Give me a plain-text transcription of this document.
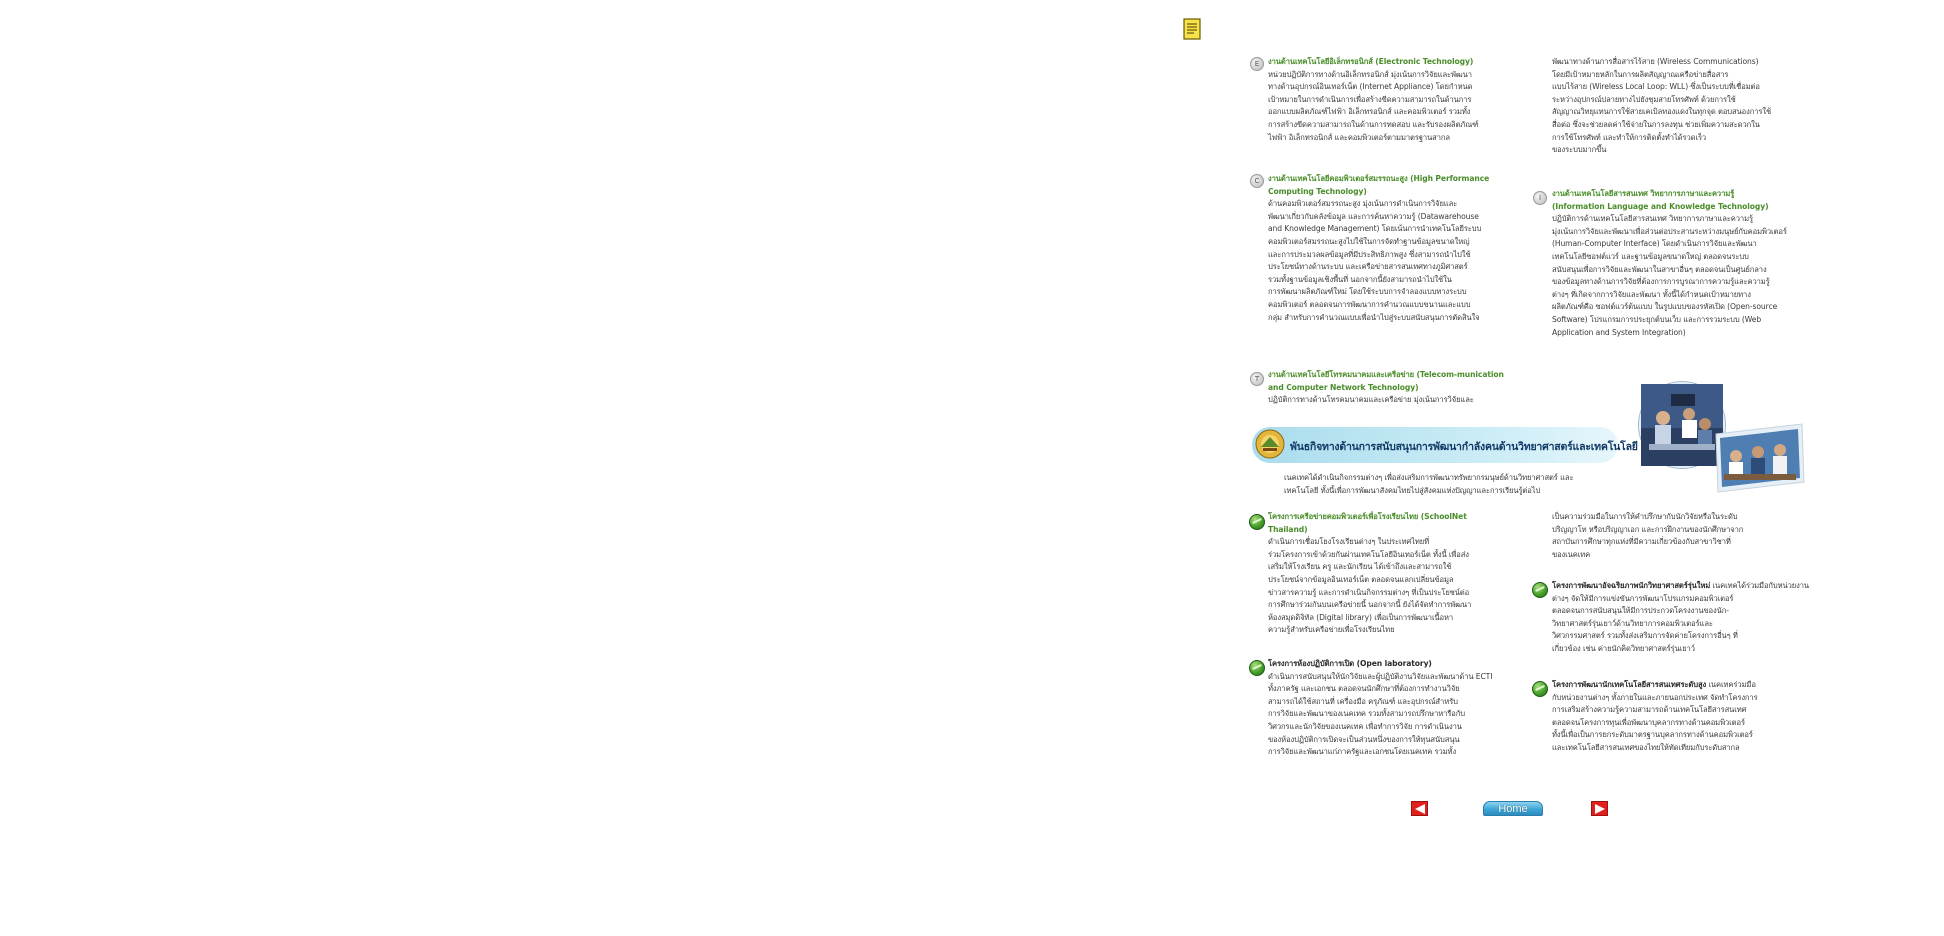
E	งานด้านเทคโนโลยีอิเล็กทรอนิกส์ (Electronic Technology)
หน่วยปฏิบัติการทางด้านอิเล็กทรอนิกส์ มุ่งเน้นการวิจัยและพัฒนา
ทางด้านอุปกรณ์อินเทอร์เน็ต (Internet Appliance) โดยกำหนด
เป้าหมายในการดำเนินการเพื่อสร้างขีดความสามารถในด้านการ
ออกแบบผลิตภัณฑ์ไฟฟ้า อิเล็กทรอนิกส์ และคอมพิวเตอร์ รวมทั้ง
การสร้างขีดความสามารถในด้านการทดสอบ และรับรองผลิตภัณฑ์
ไฟฟ้า อิเล็กทรอนิกส์ และคอมพิวเตอร์ตามมาตรฐานสากล
C	งานด้านเทคโนโลยีคอมพิวเตอร์สมรรถนะสูง (High Performance Computing Technology)
ด้านคอมพิวเตอร์สมรรถนะสูง มุ่งเน้นการดำเนินการวิจัยและ
พัฒนาเกี่ยวกับคลังข้อมูล และการค้นหาความรู้ (Datawarehouse
and Knowledge Management) โดยเน้นการนำเทคโนโลยีระบบ
คอมพิวเตอร์สมรรถนะสูงไปใช้ในการจัดทำฐานข้อมูลขนาดใหญ่
และการประมวลผลข้อมูลที่มีประสิทธิภาพสูง ซึ่งสามารถนำไปใช้
ประโยชน์ทางด้านระบบ และเครือข่ายสารสนเทศทางภูมิศาสตร์
รวมทั้งฐานข้อมูลเชิงพื้นที่ นอกจากนี้ยังสามารถนำไปใช้ใน
การพัฒนาผลิตภัณฑ์ใหม่ โดยใช้ระบบการจำลองแบบทางระบบ
คอมพิวเตอร์ ตลอดจนการพัฒนาการคำนวณแบบขนานและแบบ
กลุ่ม สำหรับการคำนวณแบบเพื่อนำไปสู่ระบบสนับสนุนการตัดสินใจ
T	งานด้านเทคโนโลยีโทรคมนาคมและเครือข่าย (Telecom-munication and Computer Network Technology)
ปฏิบัติการทางด้านโทรคมนาคมและเครือข่าย มุ่งเน้นการวิจัยและ
พัฒนาทางด้านการสื่อสารไร้สาย (Wireless Communications)
โดยมีเป้าหมายหลักในการผลิตสัญญาณเครือข่ายสื่อสาร
แบบไร้สาย (Wireless Local Loop: WLL) ซึ่งเป็นระบบที่เชื่อมต่อ
ระหว่างอุปกรณ์ปลายทางไปยังชุมสายโทรศัพท์ ด้วยการใช้
สัญญาณวิทยุแทนการใช้สายเคเบิลทองแดงในทุกจุด ตอบสนองการใช้
สื่อต่อ ซึ่งจะช่วยลดค่าใช้จ่ายในการลงทุน ช่วยเพิ่มความสะดวกใน
การใช้โทรศัพท์ และทำให้การติดตั้งทำได้รวดเร็ว
ของระบบมากขึ้น
I	งานด้านเทคโนโลยีสารสนเทศ วิทยาการภาษาและความรู้ (Information Language and Knowledge Technology)
ปฏิบัติการด้านเทคโนโลยีสารสนเทศ วิทยาการภาษาและความรู้
มุ่งเน้นการวิจัยและพัฒนาเพื่อส่วนต่อประสานระหว่างมนุษย์กับคอมพิวเตอร์
(Human-Computer Interface) โดยดำเนินการวิจัยและพัฒนา
เทคโนโลยีซอฟต์แวร์ และฐานข้อมูลขนาดใหญ่ ตลอดจนระบบ
สนับสนุนเพื่อการวิจัยและพัฒนาในสาขาอื่นๆ ตลอดจนเป็นศูนย์กลาง
ของข้อมูลทางด้านการวิจัยที่ต้องการการบูรณาการความรู้และความรู้
ต่างๆ ที่เกิดจากการวิจัยและพัฒนา ทั้งนี้ได้กำหนดเป้าหมายทาง
ผลิตภัณฑ์คือ ซอฟต์แวร์ต้นแบบ ในรูปแบบของรหัสเปิด (Open-source
Software) โปรแกรมการประยุกต์บนเว็บ และการรวมระบบ (Web
Application and System Integration)
พันธกิจทางด้านการสนับสนุนการพัฒนากำลังคนด้านวิทยาศาสตร์และเทคโนโลยี
เนคเทคได้ดำเนินกิจกรรมต่างๆ เพื่อส่งเสริมการพัฒนาทรัพยากรมนุษย์ด้านวิทยาศาสตร์ และ
เทคโนโลยี ทั้งนี้เพื่อการพัฒนาสังคมไทยไปสู่สังคมแห่งปัญญาและการเรียนรู้ต่อไป
โครงการเครือข่ายคอมพิวเตอร์เพื่อโรงเรียนไทย (SchoolNet Thailand)
ดำเนินการเชื่อมโยงโรงเรียนต่างๆ ในประเทศไทยที่
ร่วมโครงการเข้าด้วยกันผ่านเทคโนโลยีอินเทอร์เน็ต ทั้งนี้ เพื่อส่ง
เสริมให้โรงเรียน ครู และนักเรียน ได้เข้าถึงและสามารถใช้
ประโยชน์จากข้อมูลอินเทอร์เน็ต ตลอดจนแลกเปลี่ยนข้อมูล
ข่าวสารความรู้ และการดำเนินกิจกรรมต่างๆ ที่เป็นประโยชน์ต่อ
การศึกษาร่วมกันบนเครือข่ายนี้ นอกจากนี้ ยังได้จัดทำการพัฒนา
ห้องสมุดดิจิทัล (Digital library) เพื่อเป็นการพัฒนาเนื้อหา
ความรู้สำหรับเครือข่ายเพื่อโรงเรียนไทย
โครงการห้องปฏิบัติการเปิด (Open laboratory)
ดำเนินการสนับสนุนให้นักวิจัยและผู้ปฏิบัติงานวิจัยและพัฒนาด้าน ECTI
ทั้งภาครัฐ และเอกชน ตลอดจนนักศึกษาที่ต้องการทำงานวิจัย
สามารถได้ใช้สถานที่ เครื่องมือ ครุภัณฑ์ และอุปกรณ์สำหรับ
การวิจัยและพัฒนาของเนคเทค รวมทั้งสามารถปรึกษาหารือกับ
วิศวกรและนักวิจัยของเนคเทค เพื่อทำการวิจัย การดำเนินงาน
ของห้องปฏิบัติการเปิดจะเป็นส่วนหนึ่งของการให้ทุนสนับสนุน
การวิจัยและพัฒนาแก่ภาครัฐและเอกชนโดยเนคเทค รวมทั้ง
เป็นความร่วมมือในการให้คำปรึกษากับนักวิจัยหรือในระดับ
ปริญญาโท หรือปริญญาเอก และการฝึกงานของนักศึกษาจาก
สถาบันการศึกษาทุกแห่งที่มีความเกี่ยวข้องกับสาขาวิชาที่
ของเนคเทค
โครงการพัฒนาอัจฉริยภาพนักวิทยาศาสตร์รุ่นใหม่ เนคเทคได้ร่วมมือกับหน่วยงาน
ต่างๆ จัดให้มีการแข่งขันการพัฒนาโปรแกรมคอมพิวเตอร์
ตลอดจนการสนับสนุนให้มีการประกวดโครงงานของนัก-
วิทยาศาสตร์รุ่นเยาว์ด้านวิทยาการคอมพิวเตอร์และ
วิศวกรรมศาสตร์ รวมทั้งส่งเสริมการจัดค่ายโครงการอื่นๆ ที่
เกี่ยวข้อง เช่น ค่ายนักคิดวิทยาศาสตร์รุ่นเยาว์
โครงการพัฒนานักเทคโนโลยีสารสนเทศระดับสูง เนคเทคร่วมมือ
กับหน่วยงานต่างๆ ทั้งภายในและภายนอกประเทศ จัดทำโครงการ
การเสริมสร้างความรู้ความสามารถด้านเทคโนโลยีสารสนเทศ
ตลอดจนโครงการทุนเพื่อพัฒนาบุคลากรทางด้านคอมพิวเตอร์
ทั้งนี้เพื่อเป็นการยกระดับมาตรฐานบุคลากรทางด้านคอมพิวเตอร์
และเทคโนโลยีสารสนเทศของไทยให้ทัดเทียมกับระดับสากล
Home
